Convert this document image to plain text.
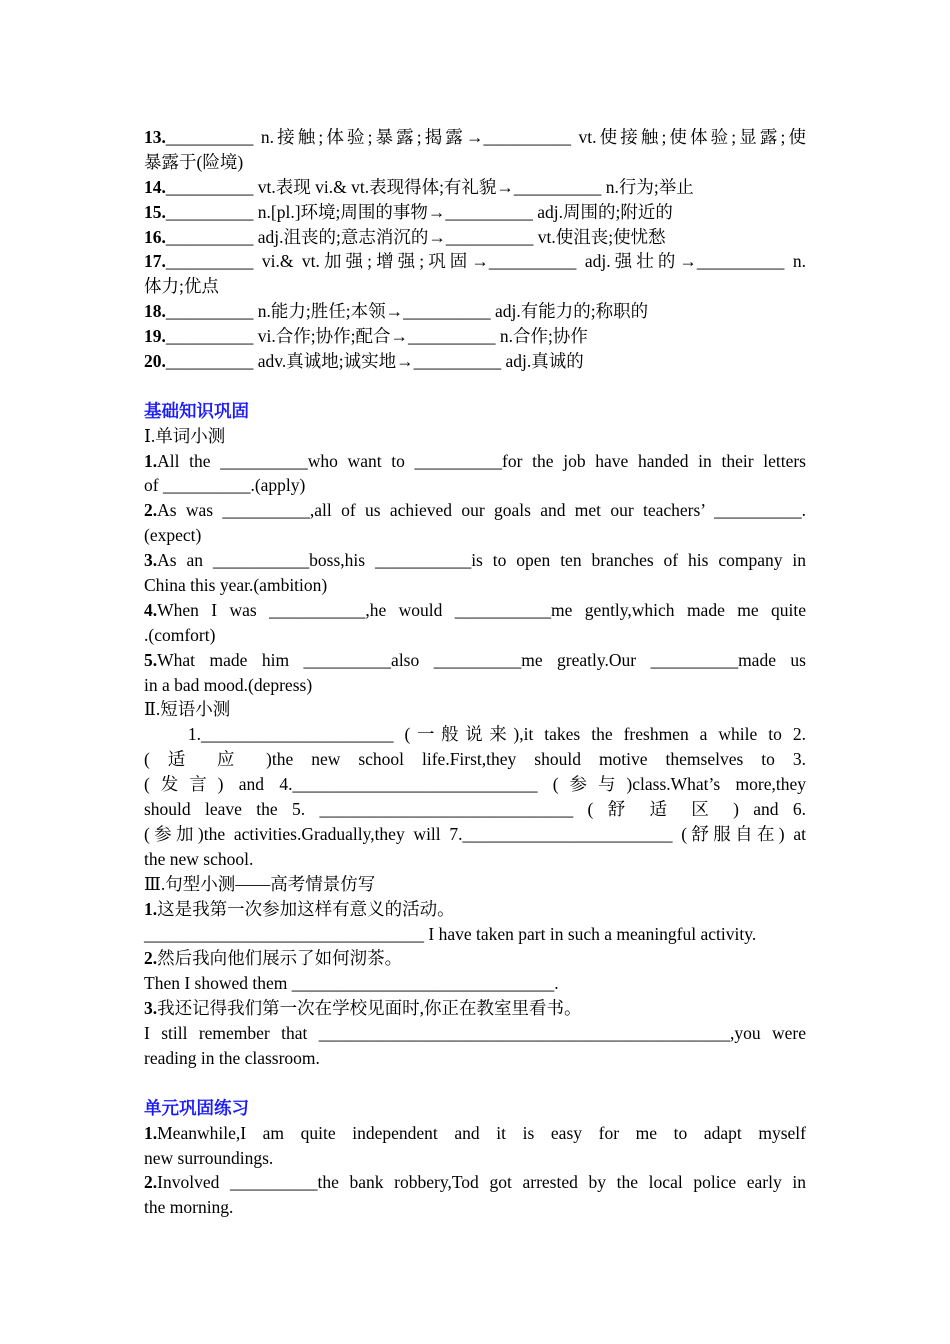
13.__________ n.接触;体验;暴露;揭露→__________ vt.使接触;使体验;显露;使
暴露于(险境)
14.__________ vt.表现 vi.& vt.表现得体;有礼貌→__________ n.行为;举止
15.__________ n.[pl.]环境;周围的事物→__________ adj.周围的;附近的
16.__________ adj.沮丧的;意志消沉的→__________ vt.使沮丧;使忧愁
17.__________ vi.& vt.加强;增强;巩固→__________ adj.强壮的→__________ n.
体力;优点
18.__________ n.能力;胜任;本领→__________ adj.有能力的;称职的
19.__________ vi.合作;协作;配合→__________ n.合作;协作
20.__________ adv.真诚地;诚实地→__________ adj.真诚的
基础知识巩固
Ⅰ.单词小测
1.All the __________who want to __________for the job have handed in their letters
of __________.(apply)
2.As was __________,all of us achieved our goals and met our teachers’ __________.
(expect)
3.As an ___________boss,his ___________is to open ten branches of his company in
China this year.(ambition)
4.When I was ___________,he would ___________me gently,which made me quite
.(comfort)
5.What made him __________also __________me greatly.Our __________made us
in a bad mood.(depress)
Ⅱ.短语小测
1.______________________ (一般说来),it takes the freshmen a while to 2.
( 适 应 )the new school life.First,they should motive themselves to 3.
(发言) and 4.____________________________ (参与)class.What’s more,they
should leave the 5. _____________________________ ( 舒 适 区 ) and 6.
(参加)the activities.Gradually,they will 7.________________________ (舒服自在) at
the new school.
Ⅲ.句型小测——高考情景仿写
1.这是我第一次参加这样有意义的活动。
________________________________ I have taken part in such a meaningful activity.
2.然后我向他们展示了如何沏茶。
Then I showed them ______________________________.
3.我还记得我们第一次在学校见面时,你正在教室里看书。
I still remember that _______________________________________________,you were
reading in the classroom.
单元巩固练习
1.Meanwhile,I am quite independent and it is easy for me to adapt myself
new surroundings.
2.Involved __________the bank robbery,Tod got arrested by the local police early in
the morning.
